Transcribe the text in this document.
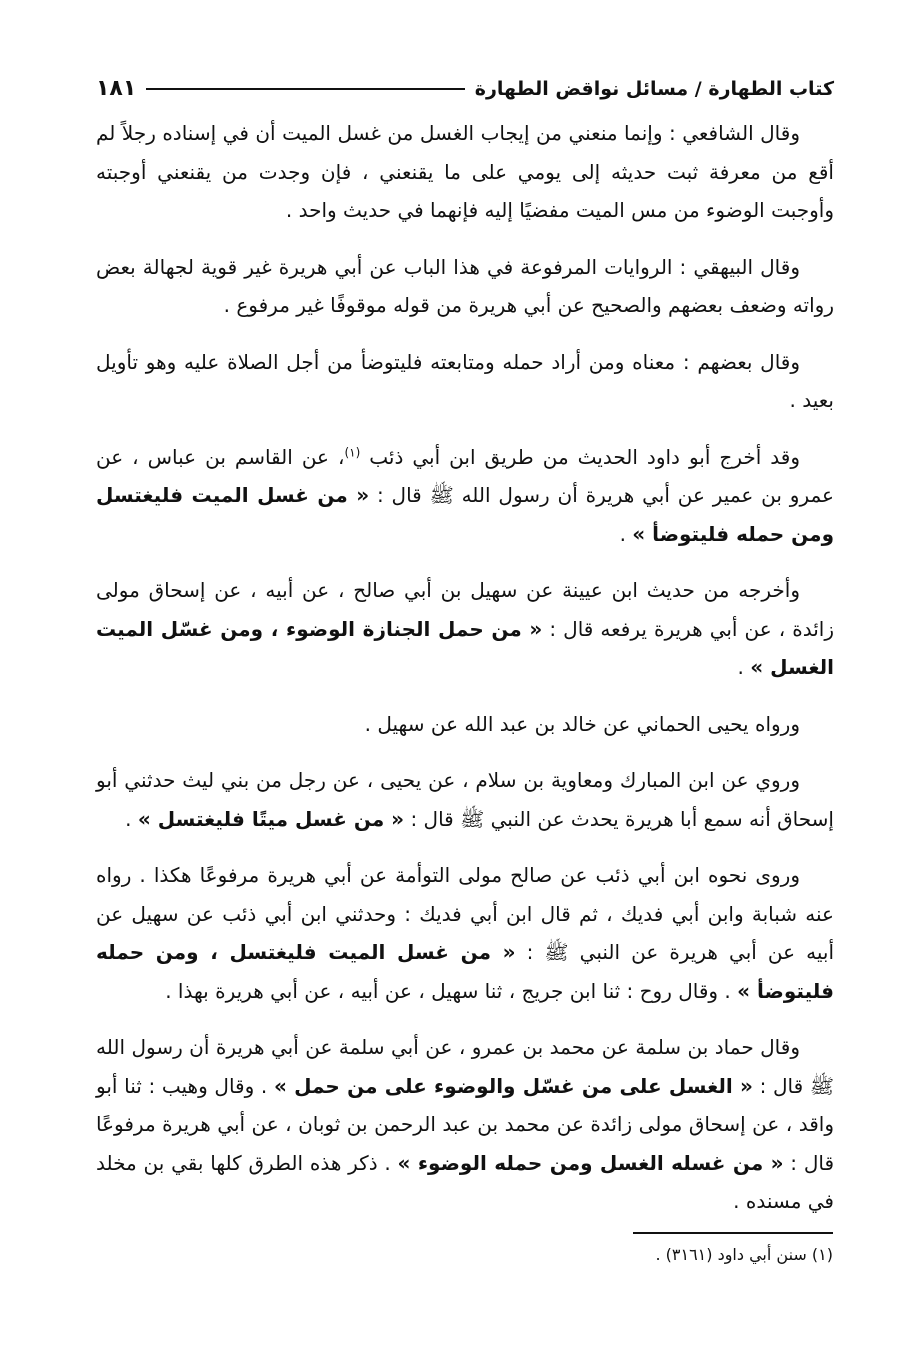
كتاب الطهارة / مسائل نواقض الطهارة
١٨١

وقال الشافعي : وإنما منعني من إيجاب الغسل من غسل الميت أن في إسناده رجلاً لم أقع من معرفة ثبت حديثه إلى يومي على ما يقنعني ، فإن وجدت من يقنعني أوجبته وأوجبت الوضوء من مس الميت مفضيًا إليه فإنهما في حديث واحد .

وقال البيهقي : الروايات المرفوعة في هذا الباب عن أبي هريرة غير قوية لجهالة بعض رواته وضعف بعضهم والصحيح عن أبي هريرة من قوله موقوفًا غير مرفوع .

وقال بعضهم : معناه ومن أراد حمله ومتابعته فليتوضأ من أجل الصلاة عليه وهو تأويل بعيد .

وقد أخرج أبو داود الحديث من طريق ابن أبي ذئب $^{(١)}$، عن القاسم بن عباس ، عن عمرو بن عمير عن أبي هريرة أن رسول الله ﷺ قال : « من غسل الميت فليغتسل ومن حمله فليتوضأ » .

وأخرجه من حديث ابن عيينة عن سهيل بن أبي صالح ، عن أبيه ، عن إسحاق مولى زائدة ، عن أبي هريرة يرفعه قال : « من حمل الجنازة الوضوء ، ومن غسّل الميت الغسل » .

ورواه يحيى الحماني عن خالد بن عبد الله عن سهيل .

وروي عن ابن المبارك ومعاوية بن سلام ، عن يحيى ، عن رجل من بني ليث حدثني أبو إسحاق أنه سمع أبا هريرة يحدث عن النبي ﷺ قال : « من غسل ميتًا فليغتسل » .

وروى نحوه ابن أبي ذئب عن صالح مولى التوأمة عن أبي هريرة مرفوعًا هكذا . رواه عنه شبابة وابن أبي فديك ، ثم قال ابن أبي فديك : وحدثني ابن أبي ذئب عن سهيل عن أبيه عن أبي هريرة عن النبي ﷺ : « من غسل الميت فليغتسل ، ومن حمله فليتوضأ » . وقال روح : ثنا ابن جريج ، ثنا سهيل ، عن أبيه ، عن أبي هريرة بهذا .

وقال حماد بن سلمة عن محمد بن عمرو ، عن أبي سلمة عن أبي هريرة أن رسول الله ﷺ قال : « الغسل على من غسّل والوضوء على من حمل » . وقال وهيب : ثنا أبو واقد ، عن إسحاق مولى زائدة عن محمد بن عبد الرحمن بن ثوبان ، عن أبي هريرة مرفوعًا قال : « من غسله الغسل ومن حمله الوضوء » . ذكر هذه الطرق كلها بقي بن مخلد في مسنده .

(١) سنن أبي داود (٣١٦١) .
